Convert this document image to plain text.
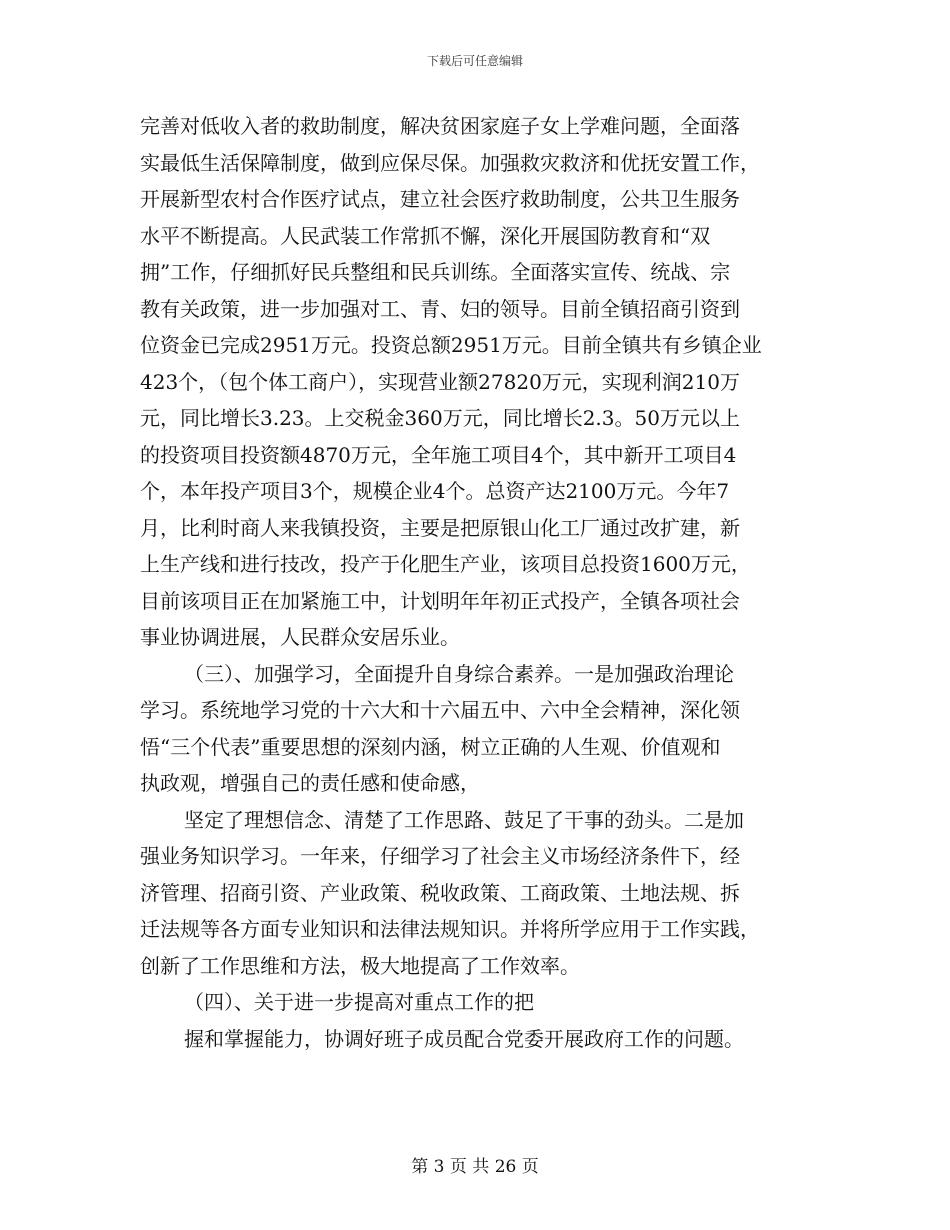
下载后可任意编辑
完善对低收入者的救助制度，解决贫困家庭子女上学难问题，全面落
实最低生活保障制度，做到应保尽保。加强救灾救济和优抚安置工作，
开展新型农村合作医疗试点，建立社会医疗救助制度，公共卫生服务
水平不断提高。人民武装工作常抓不懈，深化开展国防教育和“双
拥”工作，仔细抓好民兵整组和民兵训练。全面落实宣传、统战、宗
教有关政策，进一步加强对工、青、妇的领导。目前全镇招商引资到
位资金已完成2951万元。投资总额2951万元。目前全镇共有乡镇企业
423个，（包个体工商户），实现营业额27820万元，实现利润210万
元，同比增长3.23。上交税金360万元，同比增长2.3。50万元以上
的投资项目投资额4870万元，全年施工项目4个，其中新开工项目4
个，本年投产项目3个，规模企业4个。总资产达2100万元。今年7
月，比利时商人来我镇投资，主要是把原银山化工厂通过改扩建，新
上生产线和进行技改，投产于化肥生产业，该项目总投资1600万元，
目前该项目正在加紧施工中，计划明年年初正式投产，全镇各项社会
事业协调进展，人民群众安居乐业。
（三）、加强学习，全面提升自身综合素养。一是加强政治理论
学习。系统地学习党的十六大和十六届五中、六中全会精神，深化领
悟“三个代表”重要思想的深刻内涵，树立正确的人生观、价值观和
执政观，增强自己的责任感和使命感，
坚定了理想信念、清楚了工作思路、鼓足了干事的劲头。二是加
强业务知识学习。一年来，仔细学习了社会主义市场经济条件下，经
济管理、招商引资、产业政策、税收政策、工商政策、土地法规、拆
迁法规等各方面专业知识和法律法规知识。并将所学应用于工作实践，
创新了工作思维和方法，极大地提高了工作效率。
（四）、关于进一步提高对重点工作的把
握和掌握能力，协调好班子成员配合党委开展政府工作的问题。
第 3 页 共 26 页
